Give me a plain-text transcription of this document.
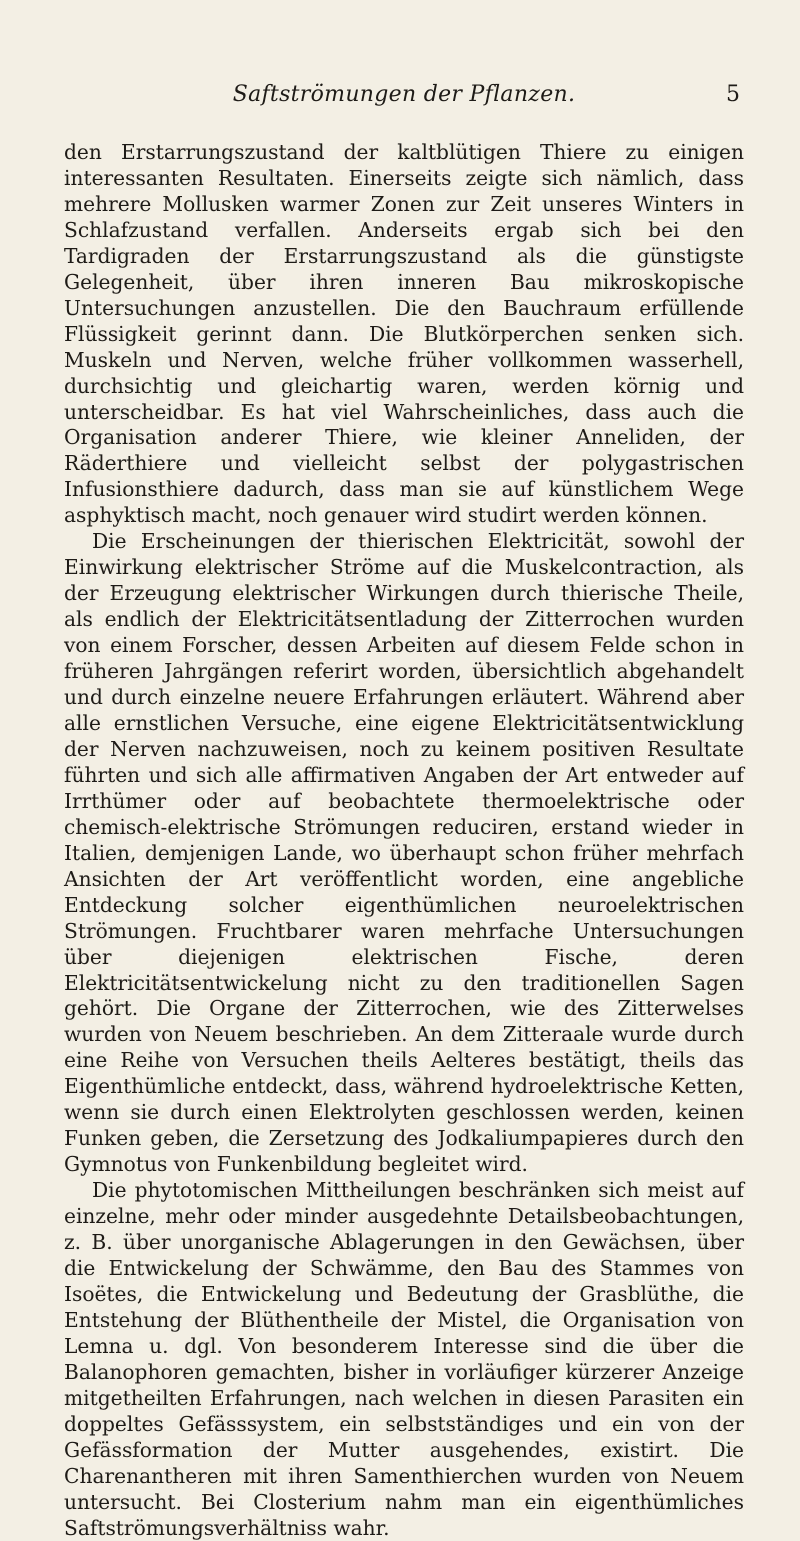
Saftströmungen der Pflanzen.	5

den Erstarrungszustand der kaltblütigen Thiere zu einigen interessanten Resultaten. Einerseits zeigte sich nämlich, dass mehrere Mollusken warmer Zonen zur Zeit unseres Winters in Schlafzustand verfallen. Anderseits ergab sich bei den Tardigraden der Erstarrungszustand als die günstigste Gelegenheit, über ihren inneren Bau mikroskopische Untersuchungen anzustellen. Die den Bauchraum erfüllende Flüssigkeit gerinnt dann. Die Blutkörperchen senken sich. Muskeln und Nerven, welche früher vollkommen wasserhell, durchsichtig und gleichartig waren, werden körnig und unterscheidbar. Es hat viel Wahrscheinliches, dass auch die Organisation anderer Thiere, wie kleiner Anneliden, der Räderthiere und vielleicht selbst der polygastrischen Infusionsthiere dadurch, dass man sie auf künstlichem Wege asphyktisch macht, noch genauer wird studirt werden können.

Die Erscheinungen der thierischen Elektricität, sowohl der Einwirkung elektrischer Ströme auf die Muskelcontraction, als der Erzeugung elektrischer Wirkungen durch thierische Theile, als endlich der Elektricitätsentladung der Zitterrochen wurden von einem Forscher, dessen Arbeiten auf diesem Felde schon in früheren Jahrgängen referirt worden, übersichtlich abgehandelt und durch einzelne neuere Erfahrungen erläutert. Während aber alle ernstlichen Versuche, eine eigene Elektricitätsentwicklung der Nerven nachzuweisen, noch zu keinem positiven Resultate führten und sich alle affirmativen Angaben der Art entweder auf Irrthümer oder auf beobachtete thermoelektrische oder chemisch-elektrische Strömungen reduciren, erstand wieder in Italien, demjenigen Lande, wo überhaupt schon früher mehrfach Ansichten der Art veröffentlicht worden, eine angebliche Entdeckung solcher eigenthümlichen neuroelektrischen Strömungen. Fruchtbarer waren mehrfache Untersuchungen über diejenigen elektrischen Fische, deren Elektricitätsentwickelung nicht zu den traditionellen Sagen gehört. Die Organe der Zitterrochen, wie des Zitterwelses wurden von Neuem beschrieben. An dem Zitteraale wurde durch eine Reihe von Versuchen theils Aelteres bestätigt, theils das Eigenthümliche entdeckt, dass, während hydroelektrische Ketten, wenn sie durch einen Elektrolyten geschlossen werden, keinen Funken geben, die Zersetzung des Jodkaliumpapieres durch den Gymnotus von Funkenbildung begleitet wird.

Die phytotomischen Mittheilungen beschränken sich meist auf einzelne, mehr oder minder ausgedehnte Detailsbeobachtungen, z. B. über unorganische Ablagerungen in den Gewächsen, über die Entwickelung der Schwämme, den Bau des Stammes von Isoëtes, die Entwickelung und Bedeutung der Grasblüthe, die Entstehung der Blüthentheile der Mistel, die Organisation von Lemna u. dgl. Von besonderem Interesse sind die über die Balanophoren gemachten, bisher in vorläufiger kürzerer Anzeige mitgetheilten Erfahrungen, nach welchen in diesen Parasiten ein doppeltes Gefässsystem, ein selbstständiges und ein von der Gefässformation der Mutter ausgehendes, existirt. Die Charenantheren mit ihren Samenthierchen wurden von Neuem untersucht. Bei Closterium nahm man ein eigenthümliches Saftströmungsverhältniss wahr.
